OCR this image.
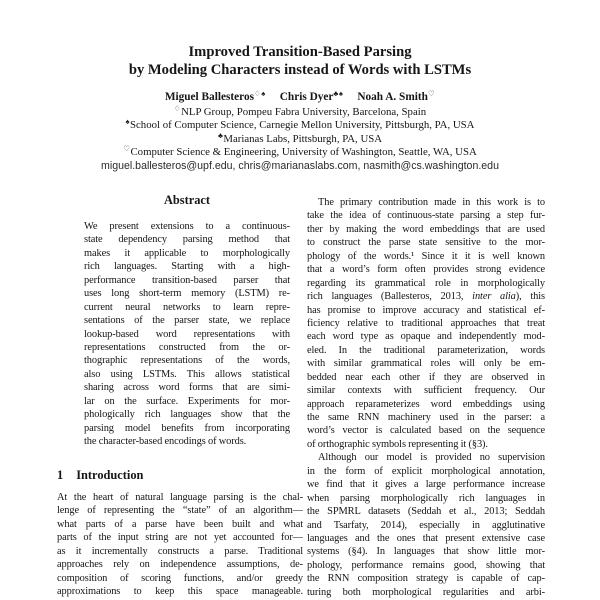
Improved Transition-Based Parsing
by Modeling Characters instead of Words with LSTMs
Miguel Ballesteros♢♠ Chris Dyer♣♠ Noah A. Smith♡
♢NLP Group, Pompeu Fabra University, Barcelona, Spain
♠School of Computer Science, Carnegie Mellon University, Pittsburgh, PA, USA
♣Marianas Labs, Pittsburgh, PA, USA
♡Computer Science & Engineering, University of Washington, Seattle, WA, USA
miguel.ballesteros@upf.edu, chris@marianaslabs.com, nasmith@cs.washington.edu
Abstract
We present extensions to a continuous-
state dependency parsing method that
makes it applicable to morphologically
rich languages. Starting with a high-
performance transition-based parser that
uses long short-term memory (LSTM) re-
current neural networks to learn repre-
sentations of the parser state, we replace
lookup-based word representations with
representations constructed from the or-
thographic representations of the words,
also using LSTMs. This allows statistical
sharing across word forms that are simi-
lar on the surface. Experiments for mor-
phologically rich languages show that the
parsing model benefits from incorporating
the character-based encodings of words.
1 Introduction
At the heart of natural language parsing is the chal-
lenge of representing the “state” of an algorithm—
what parts of a parse have been built and what
parts of the input string are not yet accounted for—
as it incrementally constructs a parse. Traditional
approaches rely on independence assumptions, de-
composition of scoring functions, and/or greedy
approximations to keep this space manageable.
The primary contribution made in this work is to
take the idea of continuous-state parsing a step fur-
ther by making the word embeddings that are used
to construct the parse state sensitive to the mor-
phology of the words.¹ Since it it is well known
that a word’s form often provides strong evidence
regarding its grammatical role in morphologically
rich languages (Ballesteros, 2013, inter alia), this
has promise to improve accuracy and statistical ef-
ficiency relative to traditional approaches that treat
each word type as opaque and independently mod-
eled. In the traditional parameterization, words
with similar grammatical roles will only be em-
bedded near each other if they are observed in
similar contexts with sufficient frequency. Our
approach reparameterizes word embeddings using
the same RNN machinery used in the parser: a
word’s vector is calculated based on the sequence
of orthographic symbols representing it (§3).
Although our model is provided no supervision
in the form of explicit morphological annotation,
we find that it gives a large performance increase
when parsing morphologically rich languages in
the SPMRL datasets (Seddah et al., 2013; Seddah
and Tsarfaty, 2014), especially in agglutinative
languages and the ones that present extensive case
systems (§4). In languages that show little mor-
phology, performance remains good, showing that
the RNN composition strategy is capable of cap-
turing both morphological regularities and arbi-
